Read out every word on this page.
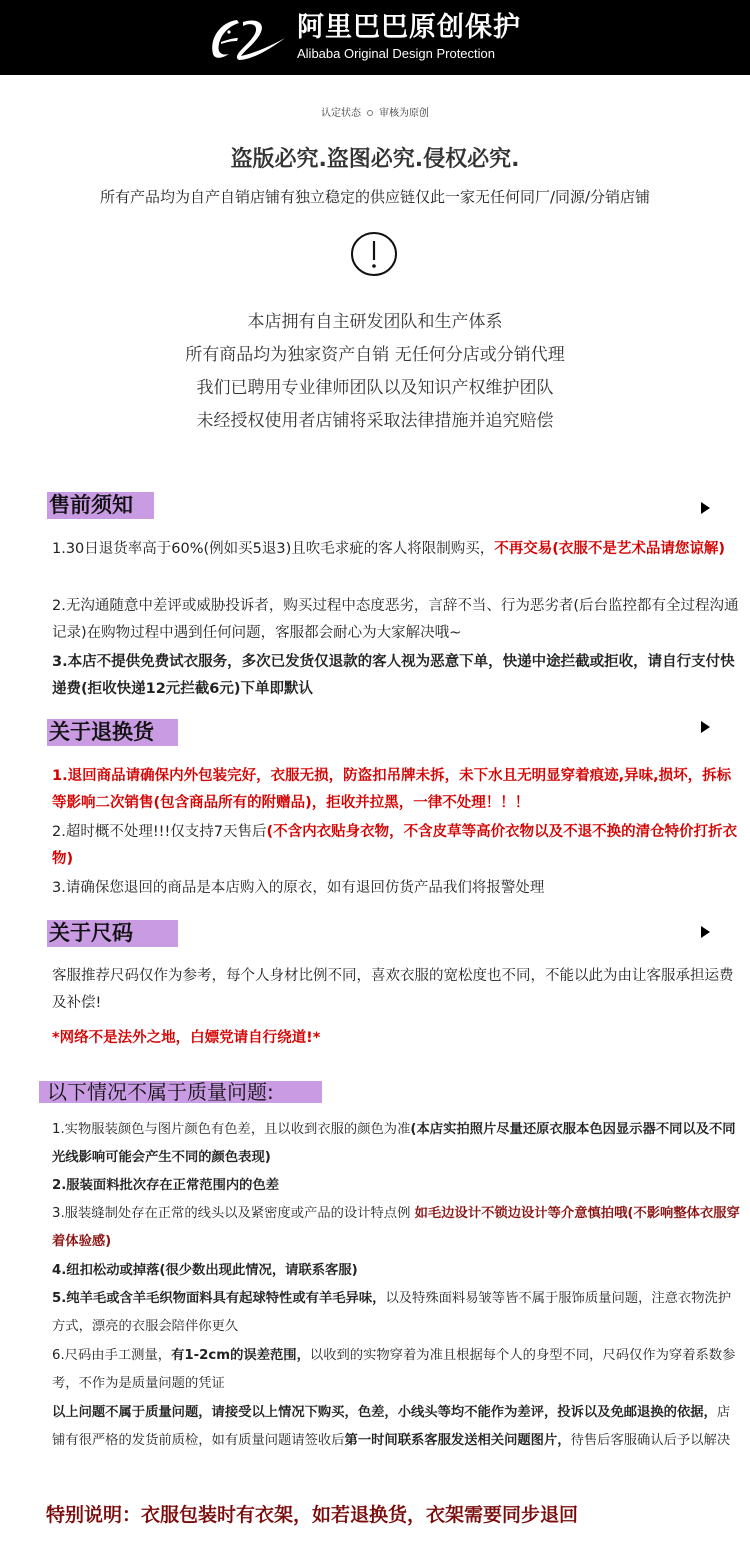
阿里巴巴原创保护
Alibaba Original Design Protection
认定状态 审核为原创
盗版必究.盗图必究.侵权必究.
所有产品均为自产自销店铺有独立稳定的供应链仅此一家无任何同厂/同源/分销店铺
本店拥有自主研发团队和生产体系
所有商品均为独家资产自销 无任何分店或分销代理
我们已聘用专业律师团队以及知识产权维护团队
未经授权使用者店铺将采取法律措施并追究赔偿
售前须知
1.30日退货率高于60%(例如买5退3)且吹毛求疵的客人将限制购买，不再交易(衣服不是艺术品请您谅解)
2.无沟通随意中差评或威胁投诉者，购买过程中态度恶劣，言辞不当、行为恶劣者(后台监控都有全过程沟通记录)在购物过程中遇到任何问题，客服都会耐心为大家解决哦~
3.本店不提供免费试衣服务，多次已发货仅退款的客人视为恶意下单，快递中途拦截或拒收，请自行支付快递费(拒收快递12元拦截6元)下单即默认
关于退换货
1.退回商品请确保内外包装完好，衣服无损，防盗扣吊牌未拆，未下水且无明显穿着痕迹,异味,损坏，拆标等影响二次销售(包含商品所有的附赠品)，拒收并拉黑，一律不处理！！！
2.超时概不处理!!!仅支持7天售后(不含内衣贴身衣物，不含皮草等高价衣物以及不退不换的清仓特价打折衣物)
3.请确保您退回的商品是本店购入的原衣，如有退回仿货产品我们将报警处理
关于尺码
客服推荐尺码仅作为参考，每个人身材比例不同，喜欢衣服的宽松度也不同，不能以此为由让客服承担运费及补偿!
*网络不是法外之地，白嫖党请自行绕道!*
以下情况不属于质量问题:
1.实物服装颜色与图片颜色有色差，且以收到衣服的颜色为准(本店实拍照片尽量还原衣服本色因显示器不同以及不同光线影响可能会产生不同的颜色表现)
2.服装面料批次存在正常范围内的色差
3.服装缝制处存在正常的线头以及紧密度或产品的设计特点例 如毛边设计不锁边设计等介意慎拍哦(不影响整体衣服穿着体验感)
4.纽扣松动或掉落(很少数出现此情况，请联系客服)
5.纯羊毛或含羊毛织物面料具有起球特性或有羊毛异味，以及特殊面料易皱等皆不属于服饰质量问题，注意衣物洗护方式，漂亮的衣服会陪伴你更久
6.尺码由手工测量，有1-2cm的误差范围，以收到的实物穿着为准且根据每个人的身型不同，尺码仅作为穿着系数参考，不作为是质量问题的凭证
以上问题不属于质量问题，请接受以上情况下购买，色差，小线头等均不能作为差评，投诉以及免邮退换的依据，店铺有很严格的发货前质检，如有质量问题请签收后第一时间联系客服发送相关问题图片，待售后客服确认后予以解决
特别说明：衣服包装时有衣架，如若退换货，衣架需要同步退回
